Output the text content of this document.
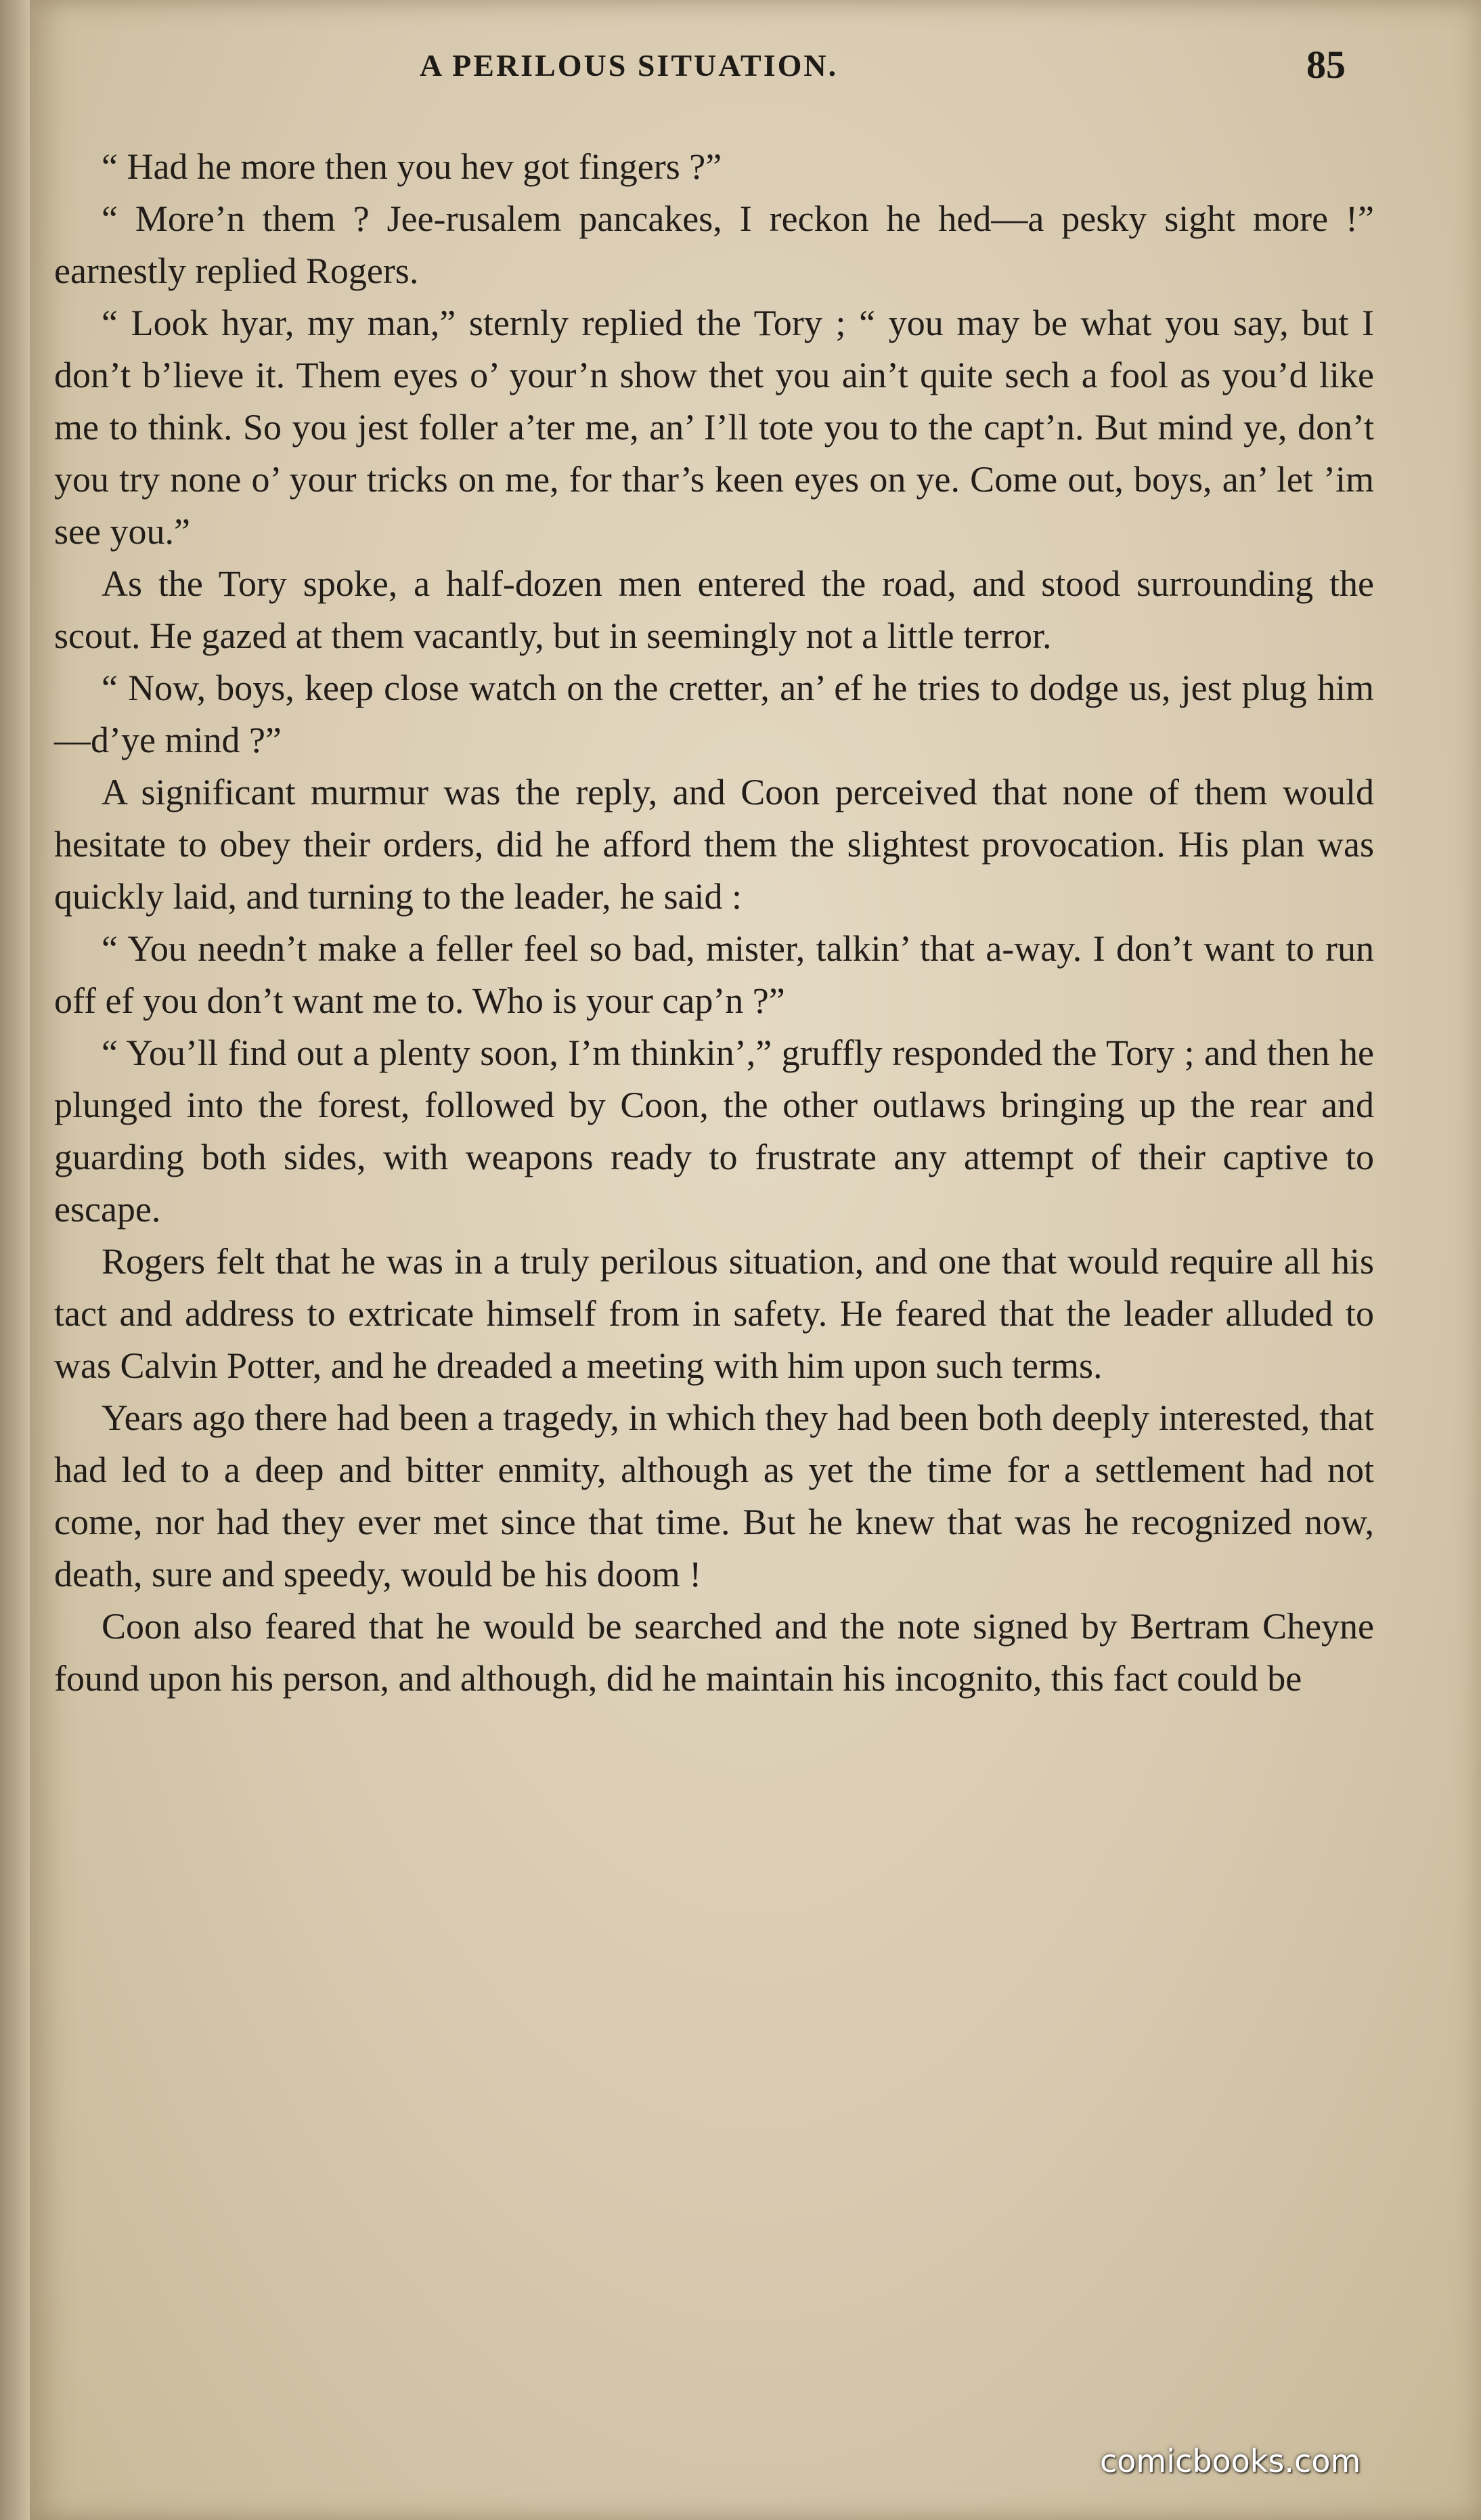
A PERILOUS SITUATION.	85

“ Had he more then you hev got fingers ?”

“ More’n them ? Jee-rusalem pancakes, I reckon he hed—a pesky sight more !” earnestly replied Rogers.

“ Look hyar, my man,” sternly replied the Tory ; “ you may be what you say, but I don’t b’lieve it. Them eyes o’ your’n show thet you ain’t quite sech a fool as you’d like me to think. So you jest foller a’ter me, an’ I’ll tote you to the capt’n. But mind ye, don’t you try none o’ your tricks on me, for thar’s keen eyes on ye. Come out, boys, an’ let ’im see you.”

As the Tory spoke, a half-dozen men entered the road, and stood surrounding the scout. He gazed at them vacantly, but in seemingly not a little terror.

“ Now, boys, keep close watch on the cretter, an’ ef he tries to dodge us, jest plug him—d’ye mind ?”

A significant murmur was the reply, and Coon perceived that none of them would hesitate to obey their orders, did he afford them the slightest provocation. His plan was quickly laid, and turning to the leader, he said :

“ You needn’t make a feller feel so bad, mister, talkin’ that a-way. I don’t want to run off ef you don’t want me to. Who is your cap’n ?”

“ You’ll find out a plenty soon, I’m thinkin’,” gruffly responded the Tory ; and then he plunged into the forest, followed by Coon, the other outlaws bringing up the rear and guarding both sides, with weapons ready to frustrate any attempt of their captive to escape.

Rogers felt that he was in a truly perilous situation, and one that would require all his tact and address to extricate himself from in safety. He feared that the leader alluded to was Calvin Potter, and he dreaded a meeting with him upon such terms.

Years ago there had been a tragedy, in which they had been both deeply interested, that had led to a deep and bitter enmity, although as yet the time for a settlement had not come, nor had they ever met since that time. But he knew that was he recognized now, death, sure and speedy, would be his doom !

Coon also feared that he would be searched and the note signed by Bertram Cheyne found upon his person, and although, did he maintain his incognito, this fact could be

comicbooks.com
